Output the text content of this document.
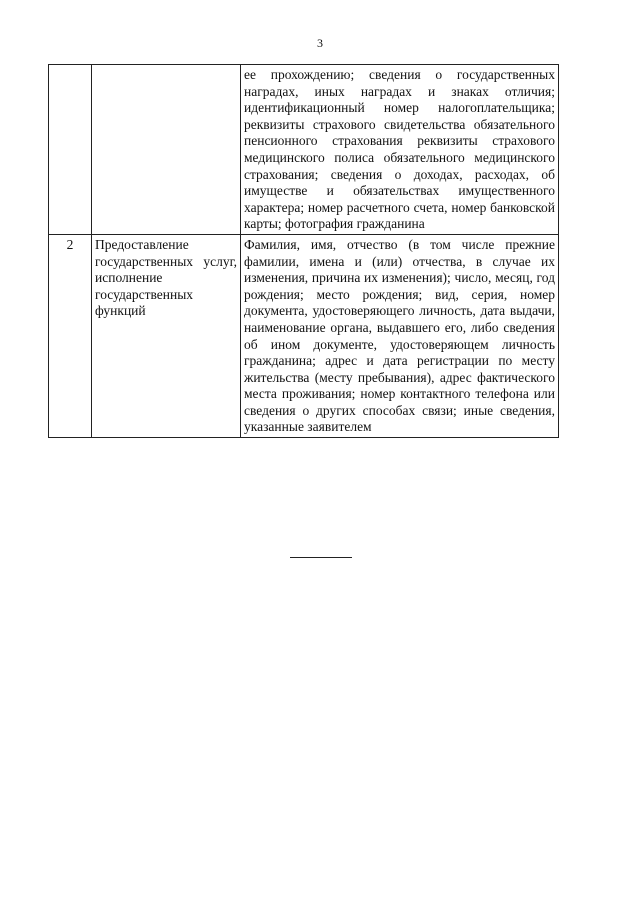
3
		ее прохождению; сведения о государственных наградах, иных наградах и знаках отличия; идентификационный номер налогоплательщика; реквизиты страхового свидетельства обязательного пенсионного страхования реквизиты страхового медицинского полиса обязательного медицинского страхования; сведения о доходах, расходах, об имуществе и обязательствах имущественного характера; номер расчетного счета, номер банковской карты; фотография гражданина
2	Предоставление государственных услуг, исполнение государственных функций	Фамилия, имя, отчество (в том числе прежние фамилии, имена и (или) отчества, в случае их изменения, причина их изменения); число, месяц, год рождения; место рождения; вид, серия, номер документа, удостоверяющего личность, дата выдачи, наименование органа, выдавшего его, либо сведения об ином документе, удостоверяющем личность гражданина; адрес и дата регистрации по месту жительства (месту пребывания), адрес фактического места проживания; номер контактного телефона или сведения о других способах связи; иные сведения, указанные заявителем
